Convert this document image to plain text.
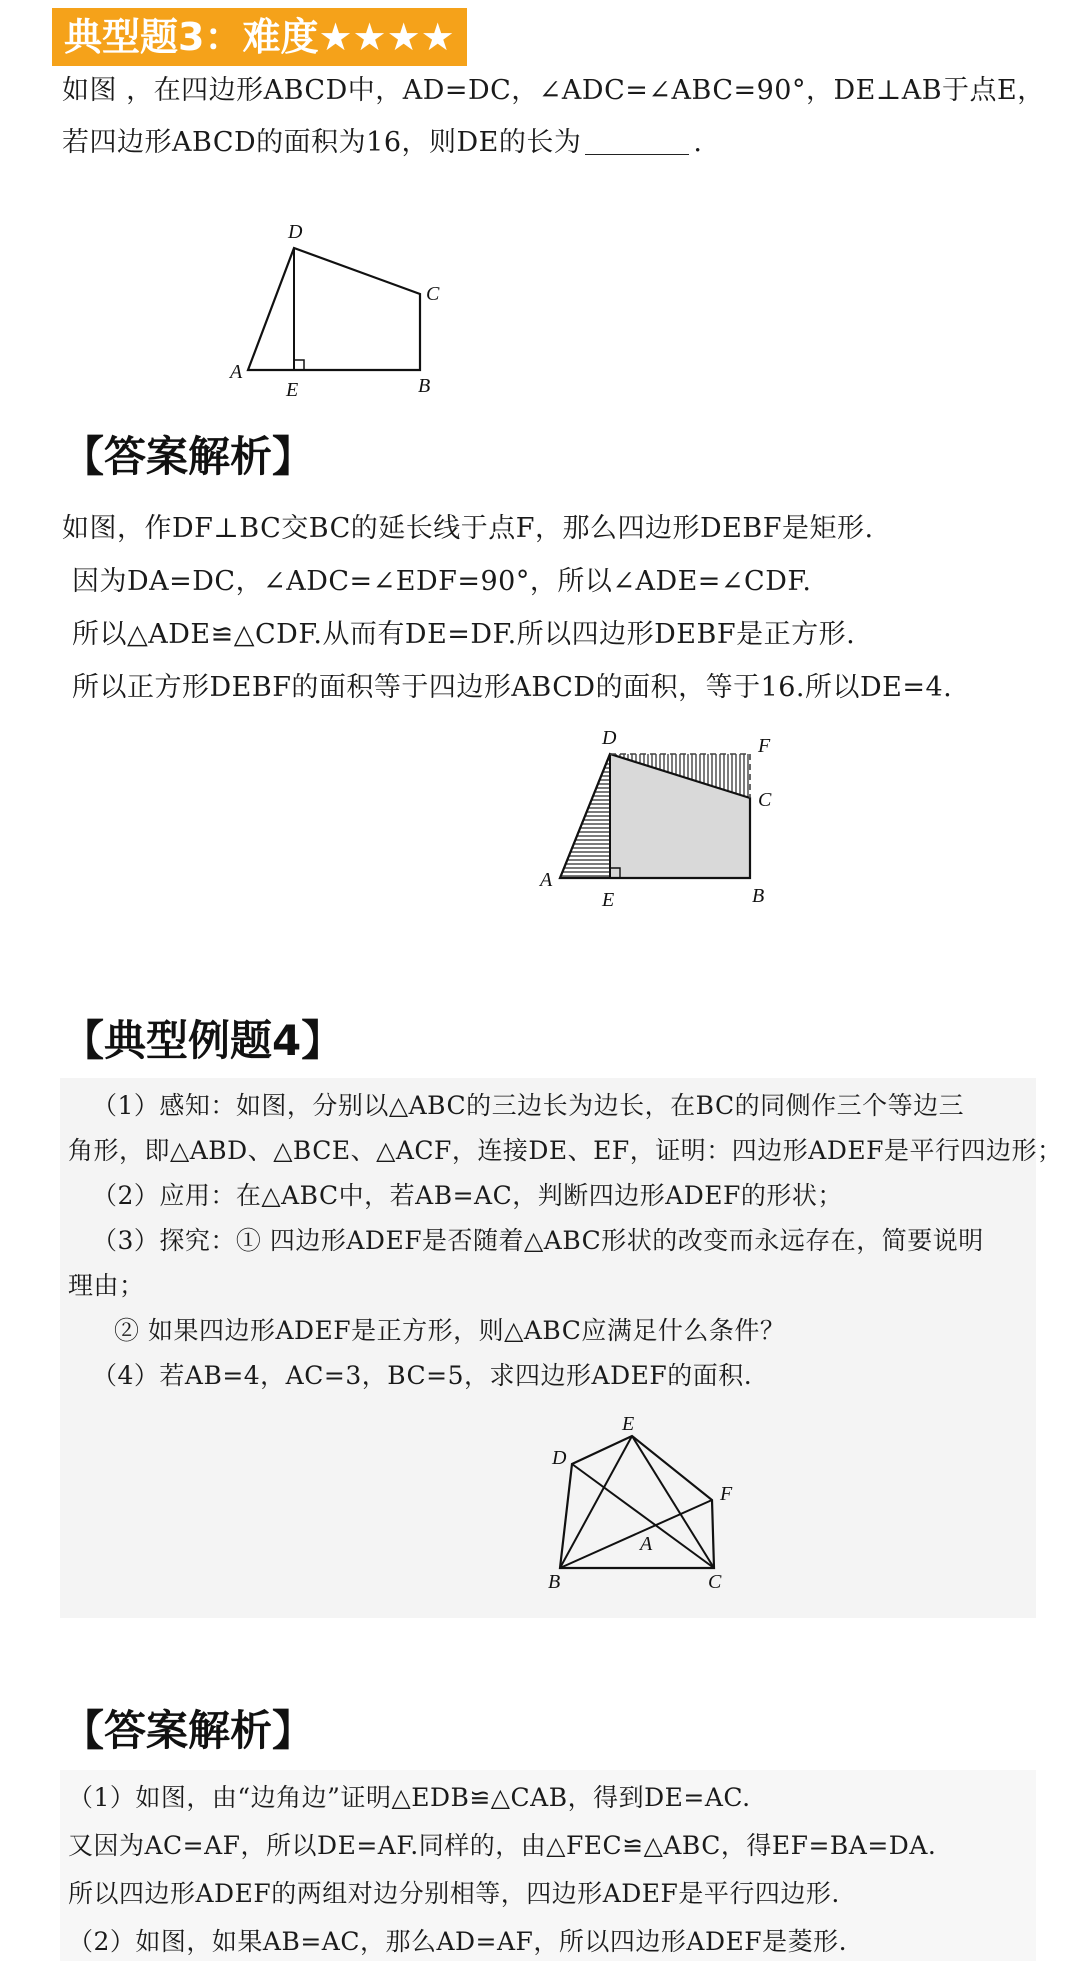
典型题3：难度★★★★
如图 ，在四边形ABCD中，AD=DC，∠ADC=∠ABC=90°，DE⊥AB于点E，
若四边形ABCD的面积为16，则DE的长为	.
D
C
A
E	B
【答案解析】
如图，作DF⊥BC交BC的延长线于点F，那么四边形DEBF是矩形.
因为DA=DC，∠ADC=∠EDF=90°，所以∠ADE=∠CDF.
所以△ADE≌△CDF.从而有DE=DF.所以四边形DEBF是正方形.
所以正方形DEBF的面积等于四边形ABCD的面积，等于16.所以DE=4.
D	F
C
A
E	B
【典型例题4】
（1）感知：如图，分别以△ABC的三边长为边长，在BC的同侧作三个等边三
角形，即△ABD、△BCE、△ACF，连接DE、EF，证明：四边形ADEF是平行四边形；
（2）应用：在△ABC中，若AB=AC，判断四边形ADEF的形状；
（3）探究：① 四边形ADEF是否随着△ABC形状的改变而永远存在，简要说明
理由；
② 如果四边形ADEF是正方形，则△ABC应满足什么条件？
（4）若AB=4，AC=3，BC=5，求四边形ADEF的面积.
E
D
F
A
B	C
【答案解析】
（1）如图，由“边角边”证明△EDB≌△CAB，得到DE=AC.
又因为AC=AF，所以DE=AF.同样的，由△FEC≌△ABC，得EF=BA=DA.
所以四边形ADEF的两组对边分别相等，四边形ADEF是平行四边形.
（2）如图，如果AB=AC，那么AD=AF，所以四边形ADEF是菱形.
